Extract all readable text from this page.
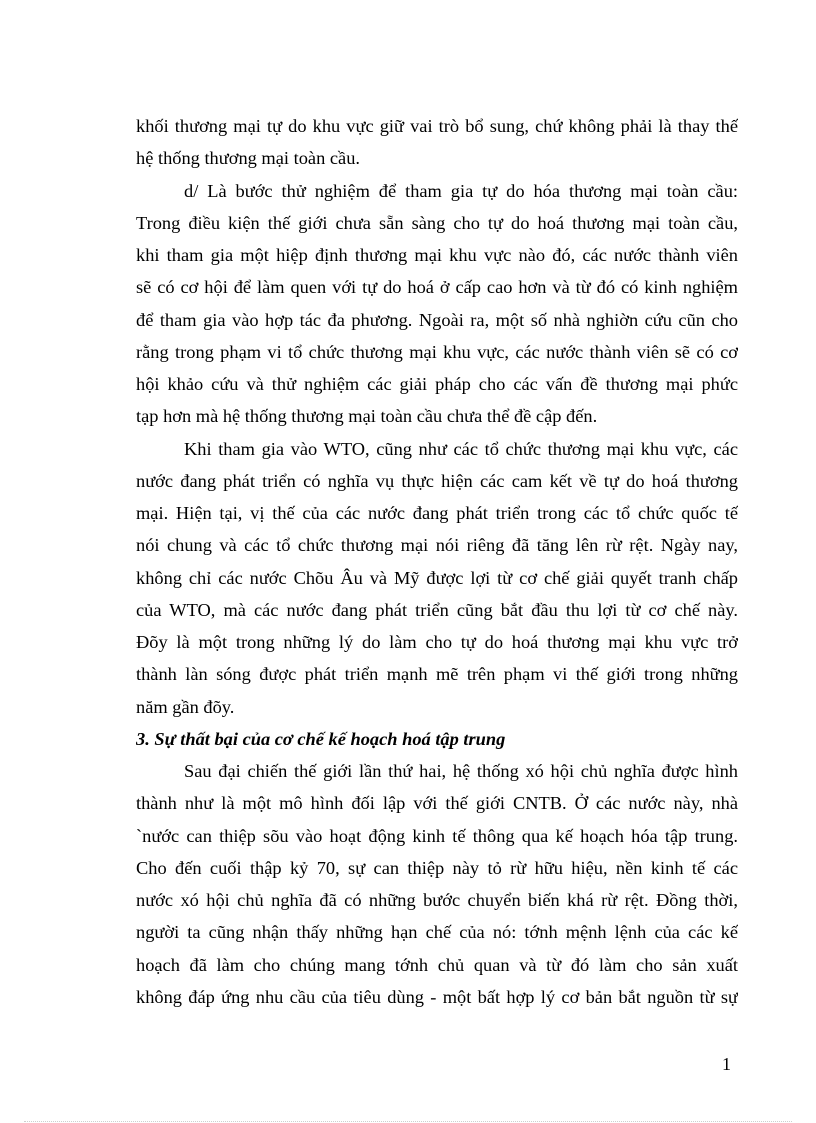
khối thương mại tự do khu vực giữ vai trò bổ sung, chứ không phải là thay thế
hệ thống thương mại toàn cầu.
d/ Là bước thử nghiệm để tham gia tự do hóa thương mại toàn cầu:
Trong điều kiện thế giới chưa sẵn sàng cho tự do hoá thương mại toàn cầu,
khi tham gia một hiệp định thương mại khu vực nào đó, các nước thành viên
sẽ có cơ hội để làm quen với tự do hoá ở cấp cao hơn và từ đó có kinh nghiệm
để tham gia vào hợp tác đa phương. Ngoài ra, một số nhà nghiờn cứu cũn cho
rằng trong phạm vi tổ chức thương mại khu vực, các nước thành viên sẽ có cơ
hội khảo cứu và thử nghiệm các giải pháp cho các vấn đề thương mại phức
tạp hơn mà hệ thống thương mại toàn cầu chưa thể đề cập đến.
Khi tham gia vào WTO, cũng như các tổ chức thương mại khu vực, các
nước đang phát triển có nghĩa vụ thực hiện các cam kết về tự do hoá thương
mại. Hiện tại, vị thế của các nước đang phát triển trong các tổ chức quốc tế
nói chung và các tổ chức thương mại nói riêng đã tăng lên rừ rệt. Ngày nay,
không chỉ các nước Chõu Âu và Mỹ được lợi từ cơ chế giải quyết tranh chấp
của WTO, mà các nước đang phát triển cũng bắt đầu thu lợi từ cơ chế này.
Đõy là một trong những lý do làm cho tự do hoá thương mại khu vực trở
thành làn sóng được phát triển mạnh mẽ trên phạm vi thế giới trong những
năm gần đõy.
3. Sự thất bại của cơ chế kế hoạch hoá tập trung
Sau đại chiến thế giới lần thứ hai, hệ thống xó hội chủ nghĩa được hình
thành như là một mô hình đối lập với thế giới CNTB. Ở các nước này, nhà
`nước can thiệp sõu vào hoạt động kinh tế thông qua kế hoạch hóa tập trung.
Cho đến cuối thập kỷ 70, sự can thiệp này tỏ rừ hữu hiệu, nền kinh tế các
nước xó hội chủ nghĩa đã có những bước chuyển biến khá rừ rệt. Đồng thời,
người ta cũng nhận thấy những hạn chế của nó: tớnh mệnh lệnh của các kế
hoạch đã làm cho chúng mang tớnh chủ quan và từ đó làm cho sản xuất
không đáp ứng nhu cầu của tiêu dùng - một bất hợp lý cơ bản bắt nguồn từ sự
1
